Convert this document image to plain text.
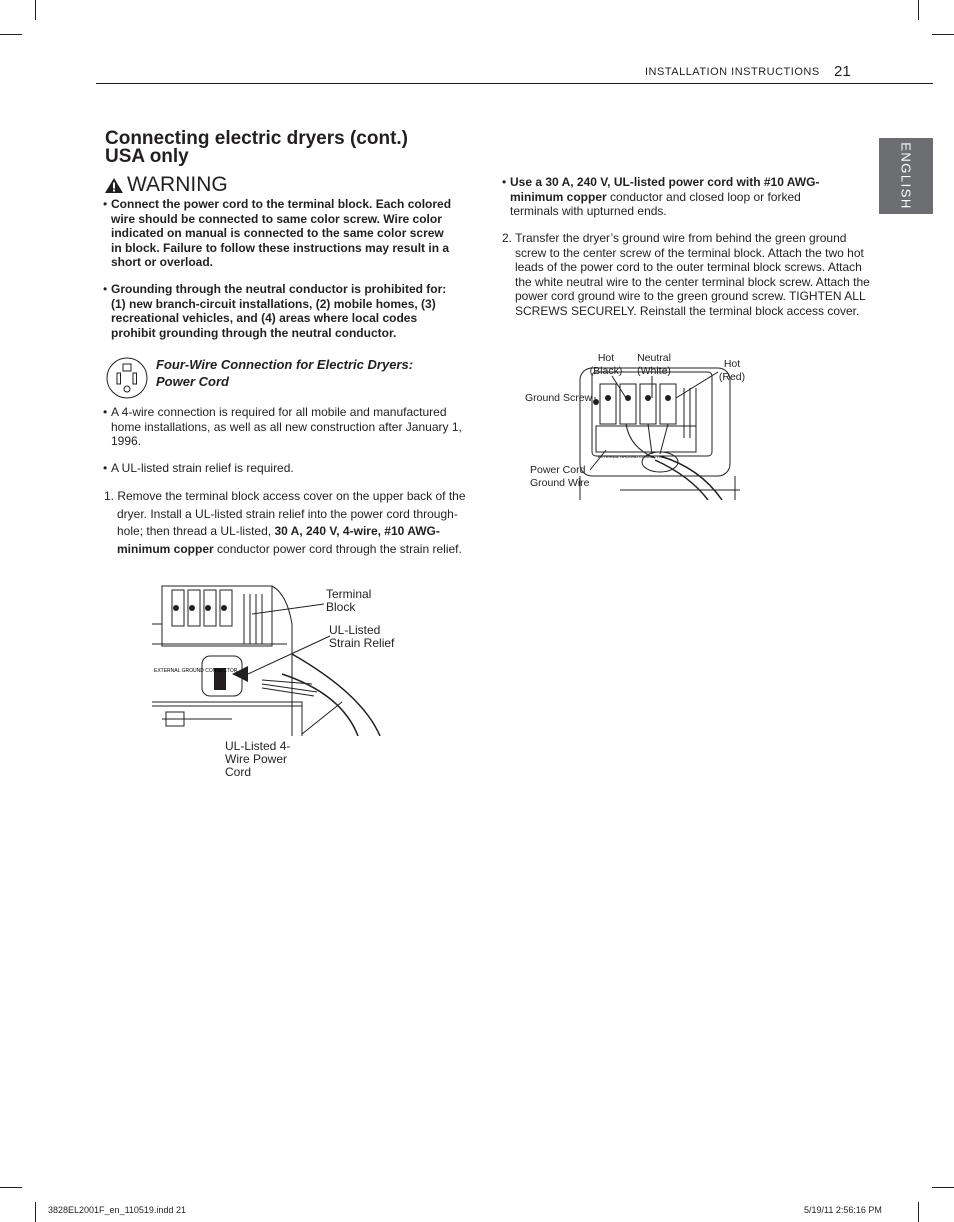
INSTALLATION INSTRUCTIONS 21
ENGLISH
Connecting electric dryers (cont.)
USA only
WARNING
• Connect the power cord to the terminal block. Each colored wire should be connected to same color screw. Wire color indicated on manual is connected to the same color screw in block. Failure to follow these instructions may result in a short or overload.
• Grounding through the neutral conductor is prohibited for: (1) new branch-circuit installations, (2) mobile homes, (3) recreational vehicles, and (4) areas where local codes prohibit grounding through the neutral conductor.
Four-Wire Connection for Electric Dryers: Power Cord
• A 4-wire connection is required for all mobile and manufactured home installations, as well as all new construction after January 1, 1996.
• A UL-listed strain relief is required.
1. Remove the terminal block access cover on the upper back of the dryer. Install a UL-listed strain relief into the power cord through-hole; then thread a UL-listed, 30 A, 240 V, 4-wire, #10 AWG-minimum copper conductor power cord through the strain relief.
EXTERNAL GROUND CONNECTOR
Terminal Block
UL-Listed Strain Relief
UL-Listed 4-Wire Power Cord
• Use a 30 A, 240 V, UL-listed power cord with #10 AWG-minimum copper conductor and closed loop or forked terminals with upturned ends.
2. Transfer the dryer’s ground wire from behind the green ground screw to the center screw of the terminal block. Attach the two hot leads of the power cord to the outer terminal block screws. Attach the white neutral wire to the center terminal block screw. Attach the power cord ground wire to the green ground screw. TIGHTEN ALL SCREWS SECURELY. Reinstall the terminal block access cover.
EXTERNAL GROUND CONNECTOR
Hot (Black)
Neutral (White)
Hot (Red)
Ground Screw
Power Cord Ground Wire
3828EL2001F_en_110519.indd 21	5/19/11 2:56:16 PM
